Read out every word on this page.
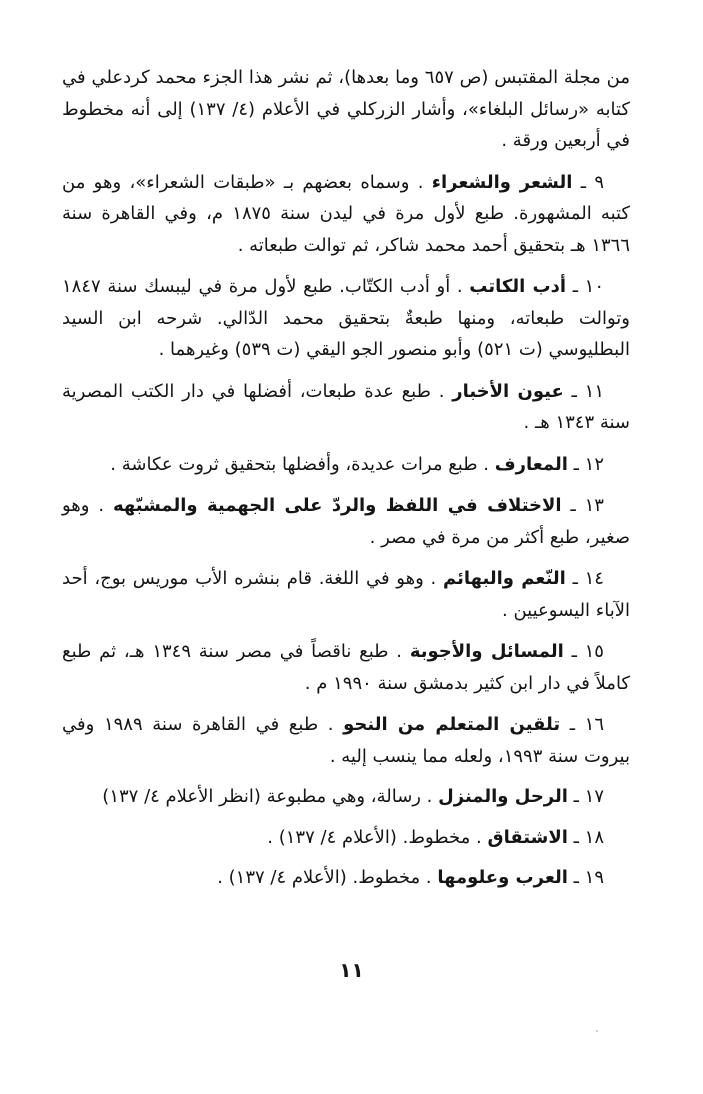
من مجلة المقتبس (ص ٦٥٧ وما بعدها)، ثم نشر هذا الجزء محمد كردعلي في كتابه «رسائل البلغاء»، وأشار الزركلي في الأعلام (٤/ ١٣٧) إلى أنه مخطوط في أربعين ورقة .

٩ ـ الشعر والشعراء . وسماه بعضهم بـ «طبقات الشعراء»، وهو من كتبه المشهورة. طبع لأول مرة في ليدن سنة ١٨٧٥ م، وفي القاهرة سنة ١٣٦٦ هـ بتحقيق أحمد محمد شاكر، ثم توالت طبعاته .

١٠ ـ أدب الكاتب . أو أدب الكتّاب. طبع لأول مرة في ليبسك سنة ١٨٤٧ وتوالت طبعاته، ومنها طبعةٌ بتحقيق محمد الدّالي. شرحه ابن السيد البطليوسي (ت ٥٢١) وأبو منصور الجو اليقي (ت ٥٣٩) وغيرهما .

١١ ـ عيون الأخبار . طبع عدة طبعات، أفضلها في دار الكتب المصرية سنة ١٣٤٣ هـ .

١٢ ـ المعارف . طبع مرات عديدة، وأفضلها بتحقيق ثروت عكاشة .

١٣ ـ الاختلاف في اللفظ والردّ على الجهمية والمشبّهه . وهو صغير، طبع أكثر من مرة في مصر .

١٤ ـ النّعم والبهائم . وهو في اللغة. قام بنشره الأب موريس بوج، أحد الآباء اليسوعيين .

١٥ ـ المسائل والأجوبة . طبع ناقصاً في مصر سنة ١٣٤٩ هـ، ثم طبع كاملاً في دار ابن كثير بدمشق سنة ١٩٩٠ م .

١٦ ـ تلقين المتعلم من النحو . طبع في القاهرة سنة ١٩٨٩ وفي بيروت سنة ١٩٩٣، ولعله مما ينسب إليه .

١٧ ـ الرحل والمنزل . رسالة، وهي مطبوعة (انظر الأعلام ٤/ ١٣٧)

١٨ ـ الاشتقاق . مخطوط. (الأعلام ٤/ ١٣٧) .

١٩ ـ العرب وعلومها . مخطوط. (الأعلام ٤/ ١٣٧) .

١١
